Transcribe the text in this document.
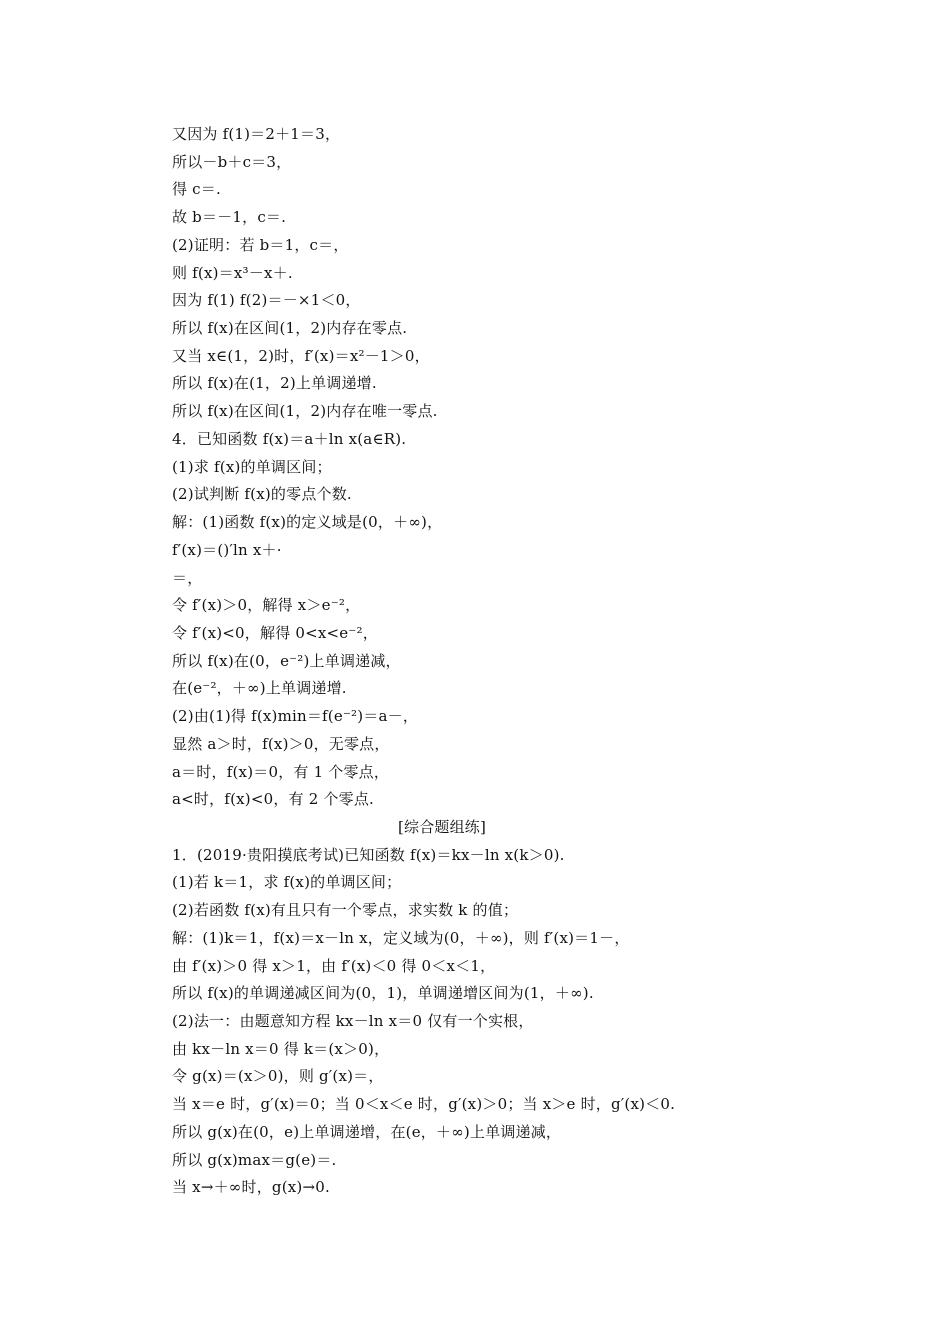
又因为 f(1)＝2＋1＝3，
所以－b＋c＝3，
得 c＝.
故 b＝－1，c＝.
(2)证明：若 b＝1，c＝，
则 f(x)＝x³－x＋.
因为 f(1) f(2)＝－×1＜0，
所以 f(x)在区间(1，2)内存在零点.
又当 x∈(1，2)时，f′(x)＝x²－1＞0，
所以 f(x)在(1，2)上单调递增.
所以 f(x)在区间(1，2)内存在唯一零点.
4．已知函数 f(x)＝a＋ln x(a∈R).
(1)求 f(x)的单调区间；
(2)试判断 f(x)的零点个数.
解：(1)函数 f(x)的定义域是(0，＋∞)，
f′(x)＝()′ln x＋·
＝，
令 f′(x)＞0，解得 x＞e⁻²，
令 f′(x)<0，解得 0<x<e⁻²，
所以 f(x)在(0，e⁻²)上单调递减，
在(e⁻²，＋∞)上单调递增.
(2)由(1)得 f(x)min＝f(e⁻²)＝a－，
显然 a＞时，f(x)＞0，无零点，
a＝时，f(x)＝0，有 1 个零点，
a<时，f(x)<0，有 2 个零点.
[综合题组练]
1．(2019·贵阳摸底考试)已知函数 f(x)＝kx－ln x(k＞0).
(1)若 k＝1，求 f(x)的单调区间；
(2)若函数 f(x)有且只有一个零点，求实数 k 的值；
解：(1)k＝1，f(x)＝x－ln x，定义域为(0，＋∞)，则 f′(x)＝1－，
由 f′(x)＞0 得 x＞1，由 f′(x)＜0 得 0＜x＜1，
所以 f(x)的单调递减区间为(0，1)，单调递增区间为(1，＋∞).
(2)法一：由题意知方程 kx－ln x＝0 仅有一个实根，
由 kx－ln x＝0 得 k＝(x＞0)，
令 g(x)＝(x＞0)，则 g′(x)＝，
当 x＝e 时，g′(x)＝0；当 0＜x＜e 时，g′(x)＞0；当 x＞e 时，g′(x)＜0.
所以 g(x)在(0，e)上单调递增，在(e，＋∞)上单调递减，
所以 g(x)max＝g(e)＝.
当 x→＋∞时，g(x)→0.
